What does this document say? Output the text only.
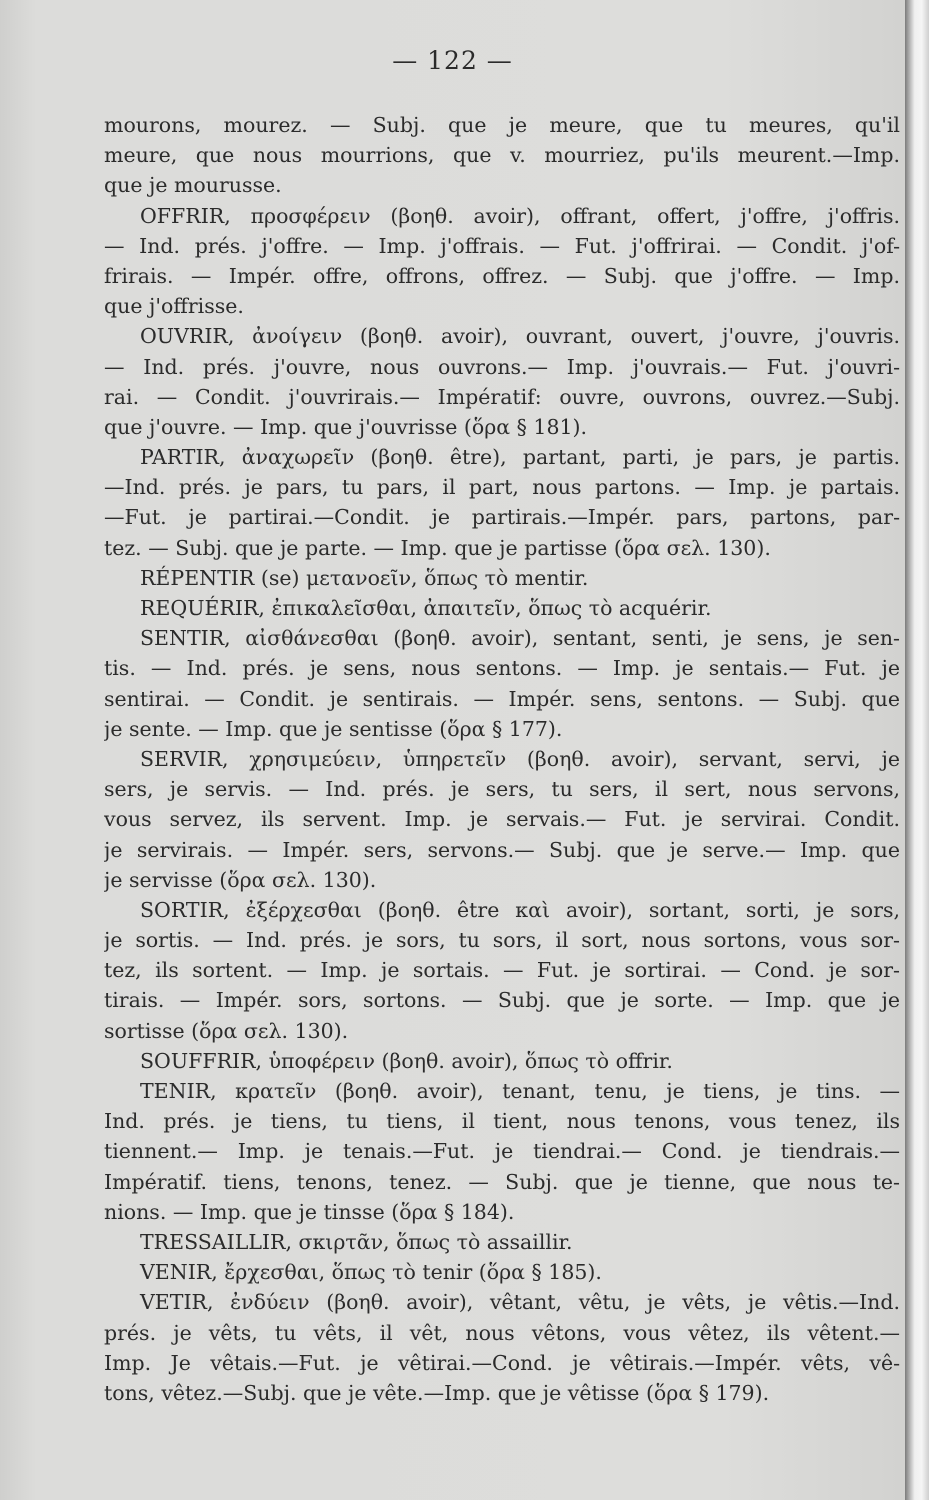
— 122 —
mourons, mourez. — Subj. que je meure, que tu meures, qu'il
meure, que nous mourrions, que v. mourriez, pu'ils meurent.—Imp.
que je mourusse.
OFFRIR, προσφέρειν (βοηθ. avoir), offrant, offert, j'offre, j'offris.
— Ind. prés. j'offre. — Imp. j'offrais. — Fut. j'offrirai. — Condit. j'of-
frirais. — Impér. offre, offrons, offrez. — Subj. que j'offre. — Imp.
que j'offrisse.
OUVRIR, ἀνοίγειν (βοηθ. avoir), ouvrant, ouvert, j'ouvre, j'ouvris.
— Ind. prés. j'ouvre, nous ouvrons.— Imp. j'ouvrais.— Fut. j'ouvri-
rai. — Condit. j'ouvrirais.— Impératif: ouvre, ouvrons, ouvrez.—Subj.
que j'ouvre. — Imp. que j'ouvrisse (ὅρα § 181).
PARTIR, ἀναχωρεῖν (βοηθ. être), partant, parti, je pars, je partis.
—Ind. prés. je pars, tu pars, il part, nous partons. — Imp. je partais.
—Fut. je partirai.—Condit. je partirais.—Impér. pars, partons, par-
tez. — Subj. que je parte. — Imp. que je partisse (ὅρα σελ. 130).
RÉPENTIR (se) μετανοεῖν, ὅπως τὸ mentir.
REQUÉRIR, ἐπικαλεῖσθαι, ἀπαιτεῖν, ὅπως τὸ acquérir.
SENTIR, αἰσθάνεσθαι (βοηθ. avoir), sentant, senti, je sens, je sen-
tis. — Ind. prés. je sens, nous sentons. — Imp. je sentais.— Fut. je
sentirai. — Condit. je sentirais. — Impér. sens, sentons. — Subj. que
je sente. — Imp. que je sentisse (ὅρα § 177).
SERVIR, χρησιμεύειν, ὑπηρετεῖν (βοηθ. avoir), servant, servi, je
sers, je servis. — Ind. prés. je sers, tu sers, il sert, nous servons,
vous servez, ils servent. Imp. je servais.— Fut. je servirai. Condit.
je servirais. — Impér. sers, servons.— Subj. que je serve.— Imp. que
je servisse (ὅρα σελ. 130).
SORTIR, ἐξέρχεσθαι (βοηθ. être καὶ avoir), sortant, sorti, je sors,
je sortis. — Ind. prés. je sors, tu sors, il sort, nous sortons, vous sor-
tez, ils sortent. — Imp. je sortais. — Fut. je sortirai. — Cond. je sor-
tirais. — Impér. sors, sortons. — Subj. que je sorte. — Imp. que je
sortisse (ὅρα σελ. 130).
SOUFFRIR, ὑποφέρειν (βοηθ. avoir), ὅπως τὸ offrir.
TENIR, κρατεῖν (βοηθ. avoir), tenant, tenu, je tiens, je tins. —
Ind. prés. je tiens, tu tiens, il tient, nous tenons, vous tenez, ils
tiennent.— Imp. je tenais.—Fut. je tiendrai.— Cond. je tiendrais.—
Impératif. tiens, tenons, tenez. — Subj. que je tienne, que nous te-
nions. — Imp. que je tinsse (ὅρα § 184).
TRESSAILLIR, σκιρτᾶν, ὅπως τὸ assaillir.
VENIR, ἔρχεσθαι, ὅπως τὸ tenir (ὅρα § 185).
VETIR, ἐνδύειν (βοηθ. avoir), vêtant, vêtu, je vêts, je vêtis.—Ind.
prés. je vêts, tu vêts, il vêt, nous vêtons, vous vêtez, ils vêtent.—
Imp. Je vêtais.—Fut. je vêtirai.—Cond. je vêtirais.—Impér. vêts, vê-
tons, vêtez.—Subj. que je vête.—Imp. que je vêtisse (ὅρα § 179).
